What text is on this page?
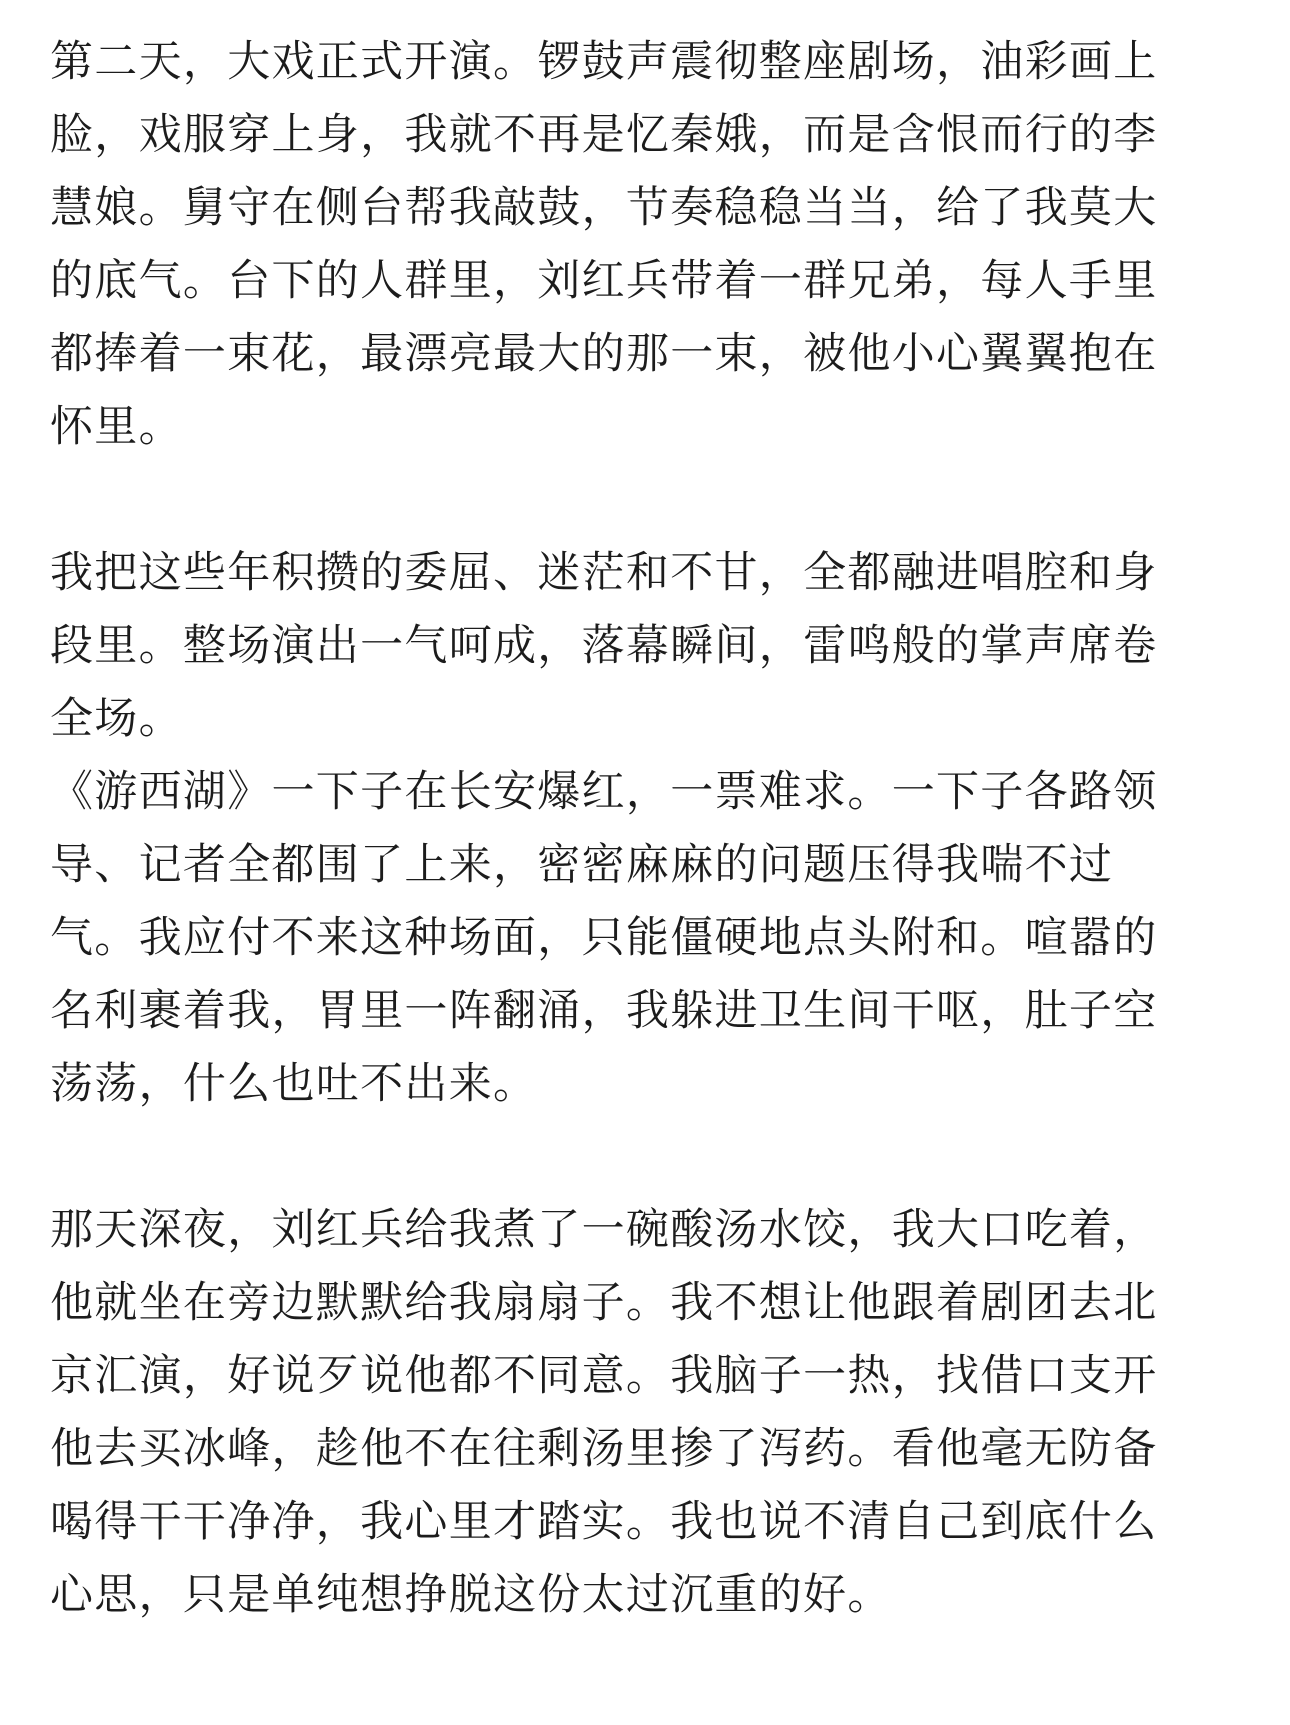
第二天，大戏正式开演。锣鼓声震彻整座剧场，油彩画上
脸，戏服穿上身，我就不再是忆秦娥，而是含恨而行的李
慧娘。舅守在侧台帮我敲鼓，节奏稳稳当当，给了我莫大
的底气。台下的人群里，刘红兵带着一群兄弟，每人手里
都捧着一束花，最漂亮最大的那一束，被他小心翼翼抱在
怀里。
我把这些年积攒的委屈、迷茫和不甘，全都融进唱腔和身
段里。整场演出一气呵成，落幕瞬间，雷鸣般的掌声席卷
全场。
《游西湖》一下子在长安爆红，一票难求。一下子各路领
导、记者全都围了上来，密密麻麻的问题压得我喘不过
气。我应付不来这种场面，只能僵硬地点头附和。喧嚣的
名利裹着我，胃里一阵翻涌，我躲进卫生间干呕，肚子空
荡荡，什么也吐不出来。
那天深夜，刘红兵给我煮了一碗酸汤水饺，我大口吃着，
他就坐在旁边默默给我扇扇子。我不想让他跟着剧团去北
京汇演，好说歹说他都不同意。我脑子一热，找借口支开
他去买冰峰，趁他不在往剩汤里掺了泻药。看他毫无防备
喝得干干净净，我心里才踏实。我也说不清自己到底什么
心思，只是单纯想挣脱这份太过沉重的好。
